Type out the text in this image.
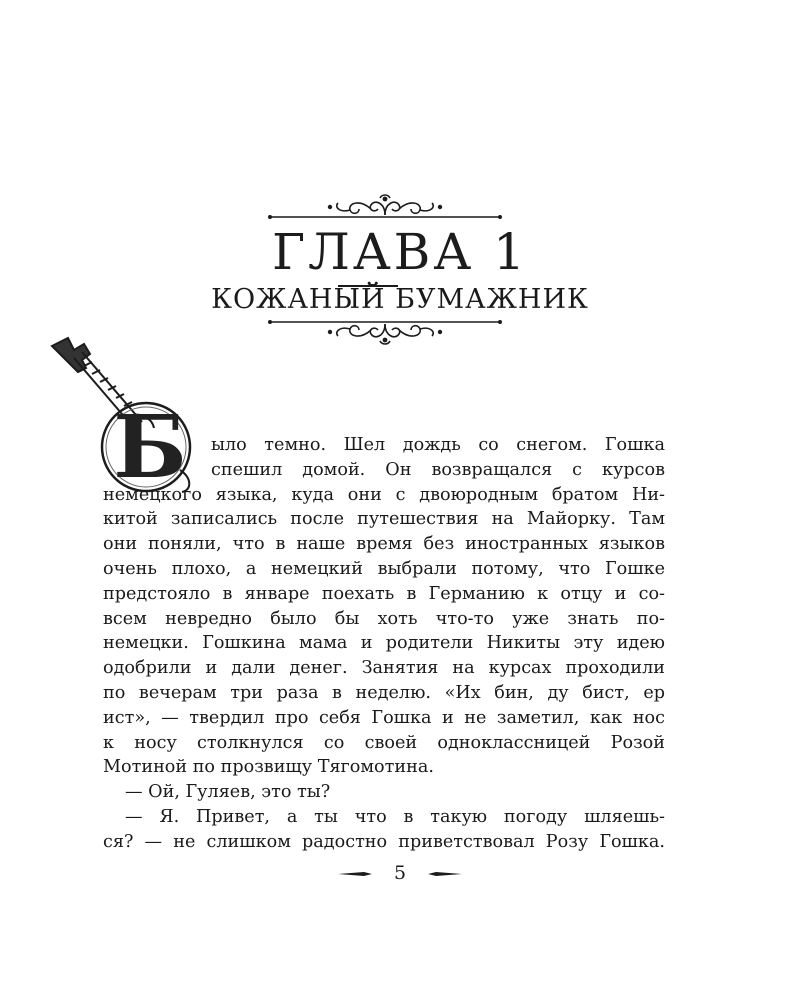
ГЛАВА 1
КОЖАНЫЙ БУМАЖНИК
Б	ыло темно. Шел дождь со снегом. Гошка
спешил домой. Он возвращался с курсов
немецкого языка, куда они с двоюродным братом Ни-
китой записались после путешествия на Майорку. Там
они поняли, что в наше время без иностранных языков
очень плохо, а немецкий выбрали потому, что Гошке
предстояло в январе поехать в Германию к отцу и со-
всем невредно было бы хоть что-то уже знать по-
немецки. Гошкина мама и родители Никиты эту идею
одобрили и дали денег. Занятия на курсах проходили
по вечерам три раза в неделю. «Их бин, ду бист, ер
ист», — твердил про себя Гошка и не заметил, как нос
к носу столкнулся со своей одноклассницей Розой
Мотиной по прозвищу Тягомотина.
— Ой, Гуляев, это ты?
— Я. Привет, а ты что в такую погоду шляешь-
ся? — не слишком радостно приветствовал Розу Гошка.
5
